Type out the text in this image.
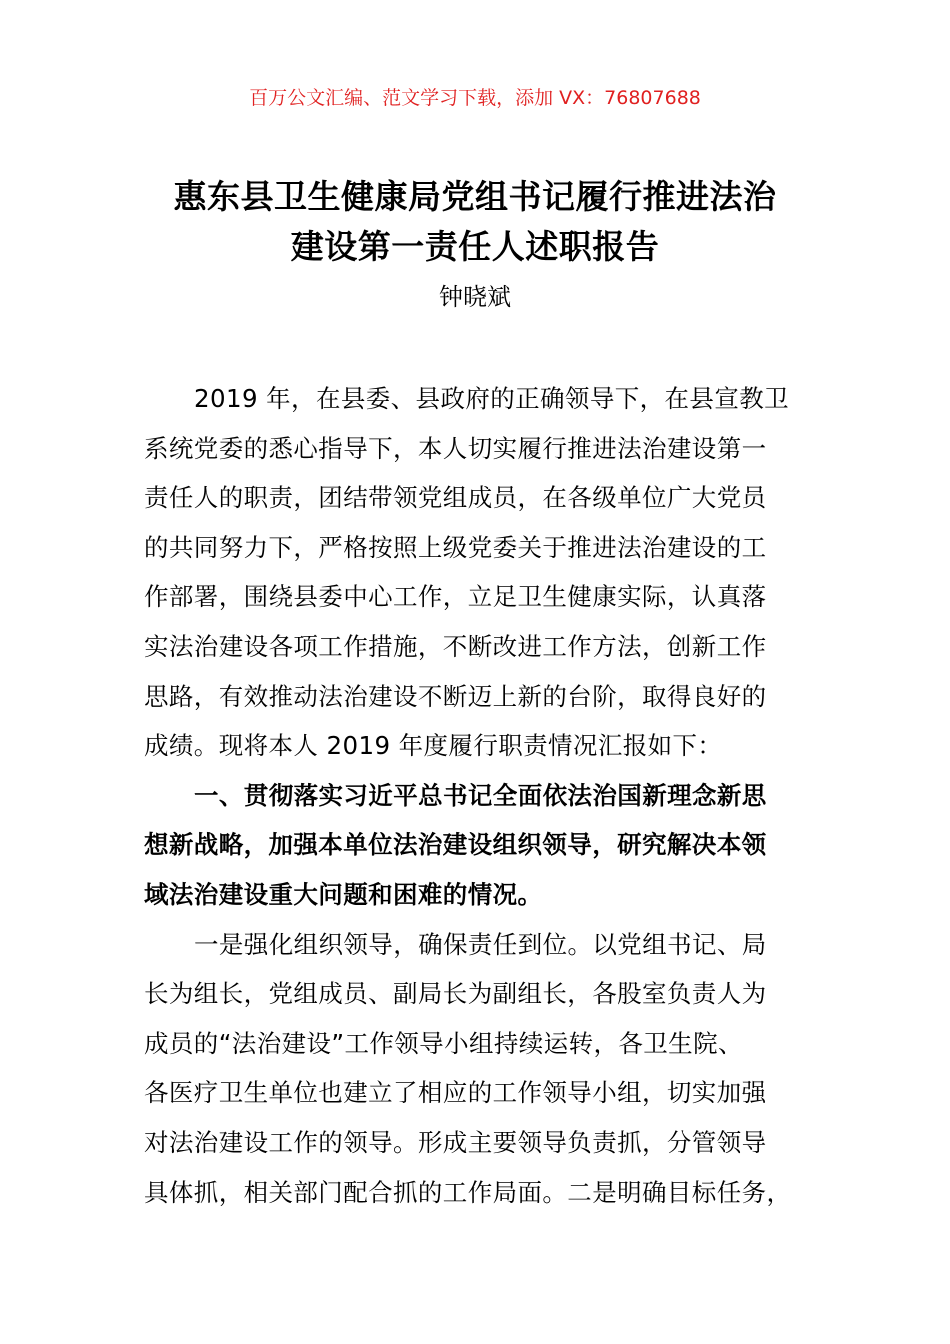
百万公文汇编、范文学习下载，添加 VX：76807688
惠东县卫生健康局党组书记履行推进法治
建设第一责任人述职报告
钟晓斌
2019 年，在县委、县政府的正确领导下，在县宣教卫
系统党委的悉心指导下，本人切实履行推进法治建设第一
责任人的职责，团结带领党组成员，在各级单位广大党员
的共同努力下，严格按照上级党委关于推进法治建设的工
作部署，围绕县委中心工作，立足卫生健康实际，认真落
实法治建设各项工作措施，不断改进工作方法，创新工作
思路，有效推动法治建设不断迈上新的台阶，取得良好的
成绩。现将本人 2019 年度履行职责情况汇报如下：
一、贯彻落实习近平总书记全面依法治国新理念新思
想新战略，加强本单位法治建设组织领导，研究解决本领
域法治建设重大问题和困难的情况。
一是强化组织领导，确保责任到位。以党组书记、局
长为组长，党组成员、副局长为副组长，各股室负责人为
成员的“法治建设”工作领导小组持续运转，各卫生院、
各医疗卫生单位也建立了相应的工作领导小组，切实加强
对法治建设工作的领导。形成主要领导负责抓，分管领导
具体抓，相关部门配合抓的工作局面。二是明确目标任务，
